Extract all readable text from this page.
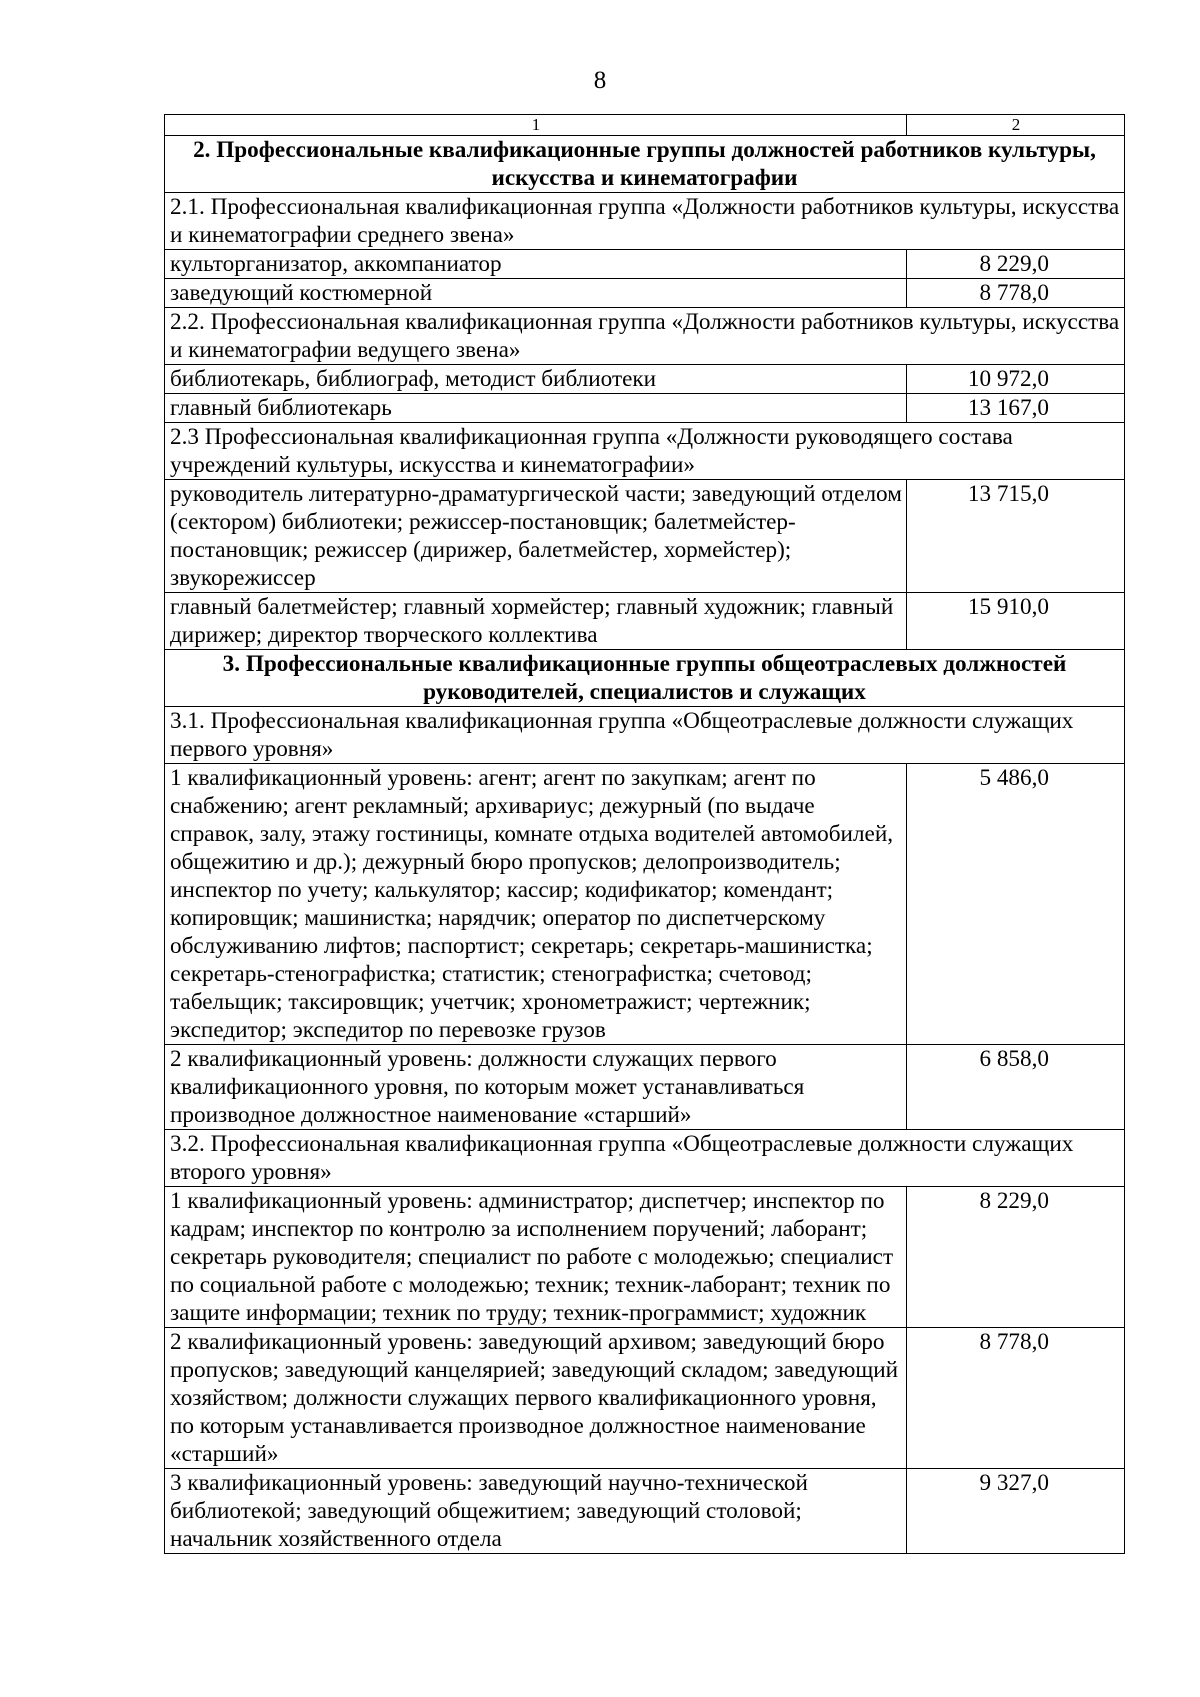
8
1	2
2. Профессиональные квалификационные группы должностей работников культуры, искусства и кинематографии	
2.1. Профессиональная квалификационная группа «Должности работников культуры, искусства и кинематографии среднего звена»	
культорганизатор, аккомпаниатор	8 229,0
заведующий костюмерной	8 778,0
2.2. Профессиональная квалификационная группа «Должности работников культуры, искусства и кинематографии ведущего звена»	
библиотекарь, библиограф, методист библиотеки	10 972,0
главный библиотекарь	13 167,0
2.3 Профессиональная квалификационная группа «Должности руководящего состава учреждений культуры, искусства и кинематографии»	
руководитель литературно-драматургической части; заведующий отделом (сектором) библиотеки; режиссер-постановщик; балетмейстер-постановщик; режиссер (дирижер, балетмейстер, хормейстер); звукорежиссер	13 715,0
главный балетмейстер; главный хормейстер; главный художник; главный дирижер; директор творческого коллектива	15 910,0
3. Профессиональные квалификационные группы общеотраслевых должностей руководителей, специалистов и служащих	
3.1. Профессиональная квалификационная группа «Общеотраслевые должности служащих первого уровня»	
1 квалификационный уровень: агент; агент по закупкам; агент по снабжению; агент рекламный; архивариус; дежурный (по выдаче справок, залу, этажу гостиницы, комнате отдыха водителей автомобилей, общежитию и др.); дежурный бюро пропусков; делопроизводитель; инспектор по учету; калькулятор; кассир; кодификатор; комендант; копировщик; машинистка; нарядчик; оператор по диспетчерскому обслуживанию лифтов; паспортист; секретарь; секретарь-машинистка; секретарь-стенографистка; статистик; стенографистка; счетовод; табельщик; таксировщик; учетчик; хронометражист; чертежник; экспедитор; экспедитор по перевозке грузов	5 486,0
2 квалификационный уровень: должности служащих первого квалификационного уровня, по которым может устанавливаться производное должностное наименование «старший»	6 858,0
3.2. Профессиональная квалификационная группа «Общеотраслевые должности служащих второго уровня»	
1 квалификационный уровень: администратор; диспетчер; инспектор по кадрам; инспектор по контролю за исполнением поручений; лаборант; секретарь руководителя; специалист по работе с молодежью; специалист по социальной работе с молодежью; техник; техник-лаборант; техник по защите информации; техник по труду; техник-программист; художник	8 229,0
2 квалификационный уровень: заведующий архивом; заведующий бюро пропусков; заведующий канцелярией; заведующий складом; заведующий хозяйством; должности служащих первого квалификационного уровня, по которым устанавливается производное должностное наименование «старший»	8 778,0
3 квалификационный уровень: заведующий научно-технической библиотекой; заведующий общежитием; заведующий столовой; начальник хозяйственного отдела	9 327,0
